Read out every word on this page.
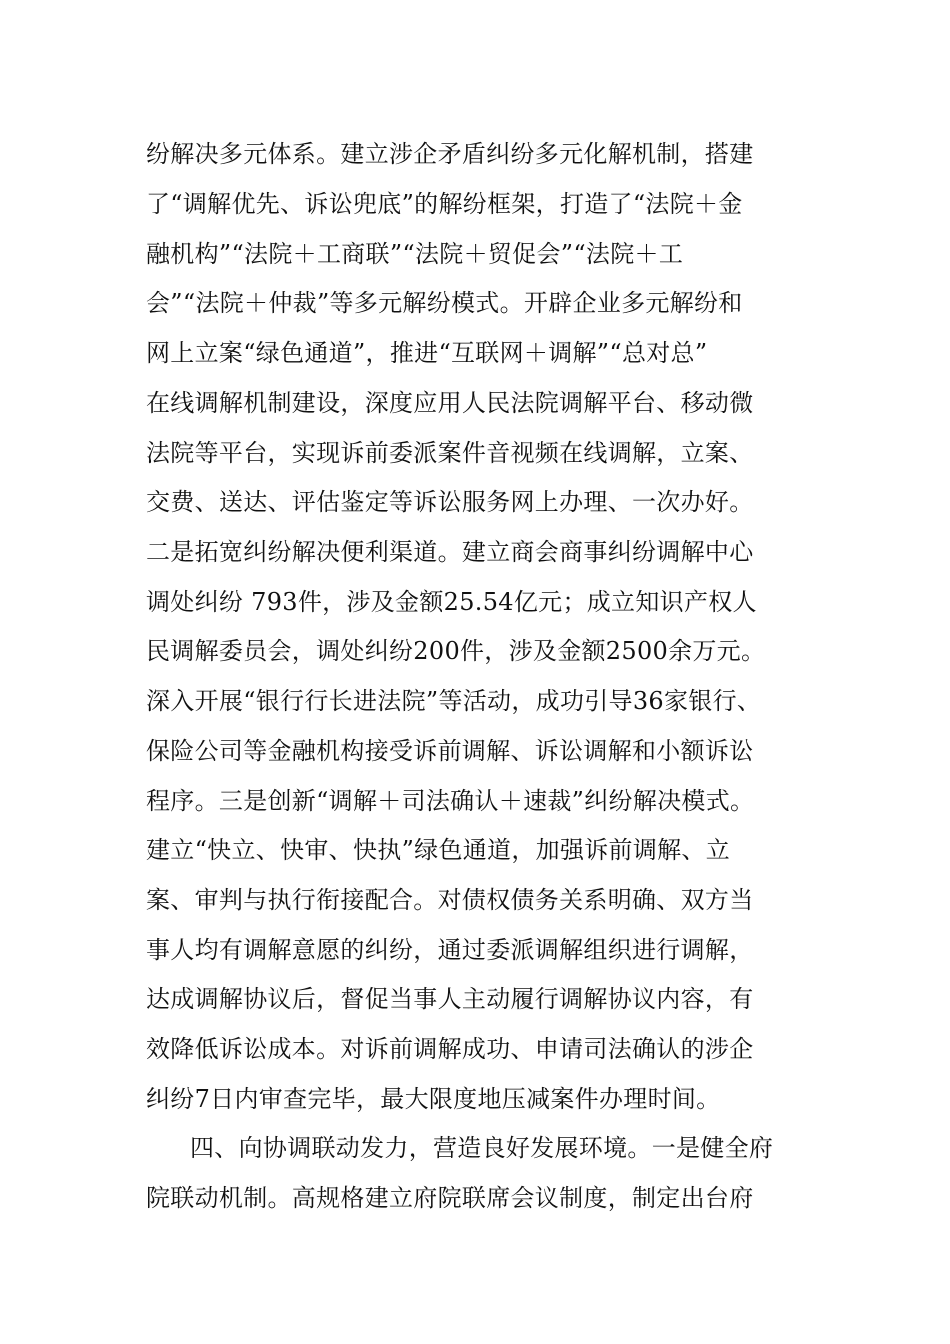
纷解决多元体系。建立涉企矛盾纠纷多元化解机制，搭建
了“调解优先、诉讼兜底”的解纷框架，打造了“法院＋金
融机构”“法院＋工商联”“法院＋贸促会”“法院＋工
会”“法院＋仲裁”等多元解纷模式。开辟企业多元解纷和
网上立案“绿色通道”，推进“互联网＋调解”“总对总”
在线调解机制建设，深度应用人民法院调解平台、移动微
法院等平台，实现诉前委派案件音视频在线调解，立案、
交费、送达、评估鉴定等诉讼服务网上办理、一次办好。
二是拓宽纠纷解决便利渠道。建立商会商事纠纷调解中心
调处纠纷 793件，涉及金额25.54亿元；成立知识产权人
民调解委员会，调处纠纷200件，涉及金额2500余万元。
深入开展“银行行长进法院”等活动，成功引导36家银行、
保险公司等金融机构接受诉前调解、诉讼调解和小额诉讼
程序。三是创新“调解＋司法确认＋速裁”纠纷解决模式。
建立“快立、快审、快执”绿色通道，加强诉前调解、立
案、审判与执行衔接配合。对债权债务关系明确、双方当
事人均有调解意愿的纠纷，通过委派调解组织进行调解，
达成调解协议后，督促当事人主动履行调解协议内容，有
效降低诉讼成本。对诉前调解成功、申请司法确认的涉企
纠纷7日内审查完毕，最大限度地压减案件办理时间。
四、向协调联动发力，营造良好发展环境。一是健全府
院联动机制。高规格建立府院联席会议制度，制定出台府
